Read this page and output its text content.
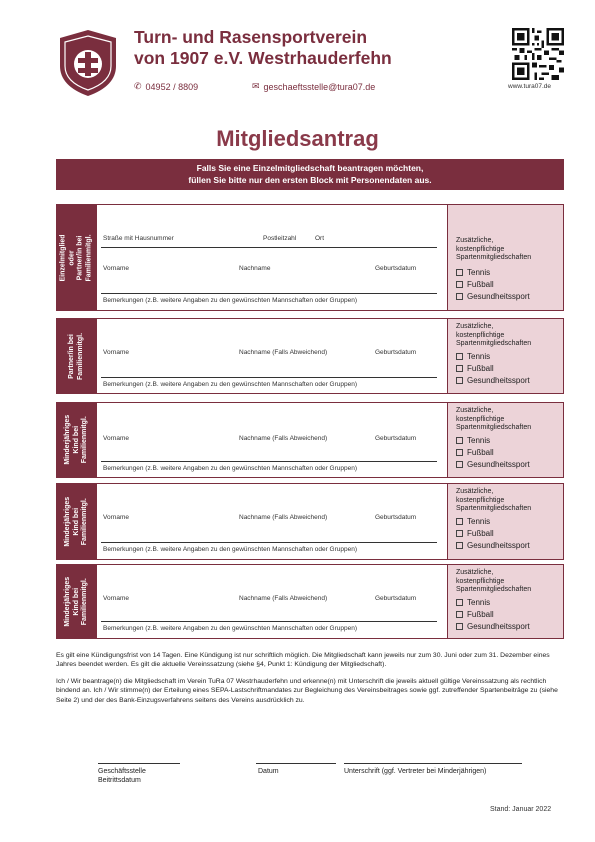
Turn- und Rasensportverein
von 1907 e.V. Westrhauderfehn
✆ 04952 / 8809	✉ geschaeftsstelle@tura07.de	www.tura07.de
Mitgliedsantrag
Falls Sie eine Einzelmitgliedschaft beantragen möchten,
füllen Sie bitte nur den ersten Block mit Personendaten aus.
Einzelmitglied oder
Partner/in bei
Familienmitgl. Straße mit Hausnummer	Postleitzahl	Ort
Vorname	Nachname	Geburtsdatum
Bemerkungen (z.B. weitere Angaben zu den gewünschten Mannschaften oder Gruppen)
Zusätzliche,
kostenpflichtige
Spartenmitgliedschaften
Tennis
Fußball
Gesundheitssport
Partner/in bei
Familienmitgl.	Vorname	Nachname (Falls Abweichend)	Geburtsdatum
Bemerkungen (z.B. weitere Angaben zu den gewünschten Mannschaften oder Gruppen)
Zusätzliche,
kostenpflichtige
Spartenmitgliedschaften
Tennis
Fußball
Gesundheitssport
Minderjähriges
Kind bei
Familienmitgl. Vorname	Nachname (Falls Abweichend)	Geburtsdatum
Bemerkungen (z.B. weitere Angaben zu den gewünschten Mannschaften oder Gruppen)
Zusätzliche,
kostenpflichtige
Spartenmitgliedschaften
Tennis
Fußball
Gesundheitssport
Minderjähriges
Kind bei
Familienmitgl. Vorname	Nachname (Falls Abweichend)	Geburtsdatum
Bemerkungen (z.B. weitere Angaben zu den gewünschten Mannschaften oder Gruppen)
Zusätzliche,
kostenpflichtige
Spartenmitgliedschaften
Tennis
Fußball
Gesundheitssport
Minderjähriges
Kind bei
Familienmitgl. Vorname	Nachname (Falls Abweichend)	Geburtsdatum
Bemerkungen (z.B. weitere Angaben zu den gewünschten Mannschaften oder Gruppen)
Zusätzliche,
kostenpflichtige
Spartenmitgliedschaften
Tennis
Fußball
Gesundheitssport
Es gilt eine Kündigungsfrist von 14 Tagen. Eine Kündigung ist nur schriftlich möglich. Die Mitgliedschaft kann jeweils nur zum 30. Juni oder zum 31. Dezember eines Jahres beendet werden. Es gilt die aktuelle Vereinssatzung (siehe §4, Punkt 1: Kündigung der Mitgliedschaft).
Ich / Wir beantrage(n) die Mitgliedschaft im Verein TuRa 07 Westrhauderfehn und erkenne(n) mit Unterschrift die jeweils aktuell gültige Vereinssatzung als rechtlich bindend an. Ich / Wir stimme(n) der Erteilung eines SEPA-Lastschriftmandates zur Begleichung des Vereinsbeitrages sowie ggf. zutreffender Spartenbeiträge zu (siehe Seite 2) und der des Bank-Einzugsverfahrens seitens des Vereins ausdrücklich zu.
Geschäftsstelle
Beitrittsdatum
Datum	Unterschrift (ggf. Vertreter bei Minderjährigen)
Stand: Januar 2022
